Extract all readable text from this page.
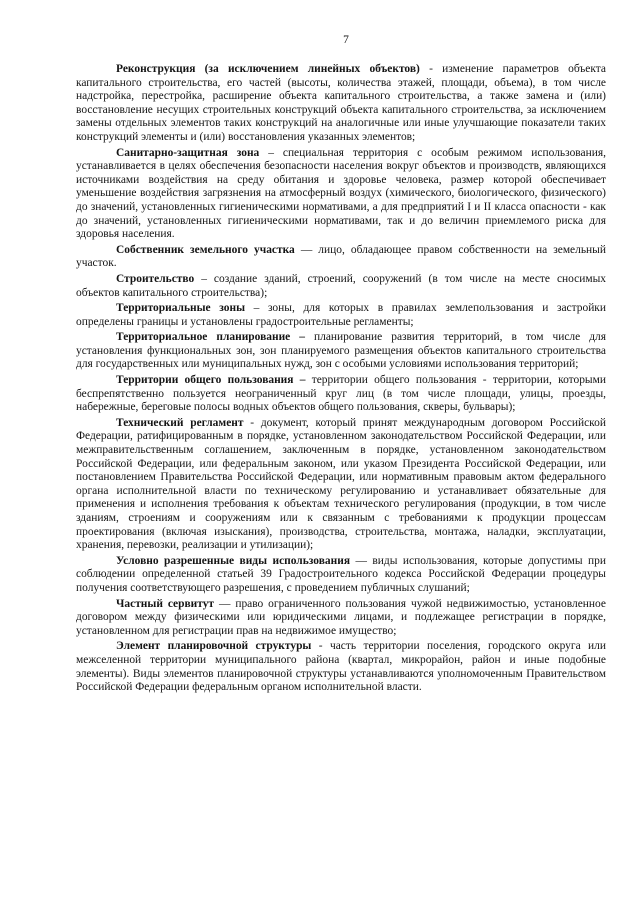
7

Реконструкция (за исключением линейных объектов) - изменение параметров объекта капитального строительства, его частей (высоты, количества этажей, площади, объема), в том числе надстройка, перестройка, расширение объекта капитального строительства, а также замена и (или) восстановление несущих строительных конструкций объекта капитального строительства, за исключением замены отдельных элементов таких конструкций на аналогичные или иные улучшающие показатели таких конструкций элементы и (или) восстановления указанных элементов;

Санитарно-защитная зона – специальная территория с особым режимом использования, устанавливается в целях обеспечения безопасности населения вокруг объектов и производств, являющихся источниками воздействия на среду обитания и здоровье человека, размер которой обеспечивает уменьшение воздействия загрязнения на атмосферный воздух (химического, биологического, физического) до значений, установленных гигиеническими нормативами, а для предприятий I и II класса опасности - как до значений, установленных гигиеническими нормативами, так и до величин приемлемого риска для здоровья населения.

Собственник земельного участка — лицо, обладающее правом собственности на земельный участок.

Строительство – создание зданий, строений, сооружений (в том числе на месте сносимых объектов капитального строительства);

Территориальные зоны – зоны, для которых в правилах землепользования и застройки определены границы и установлены градостроительные регламенты;

Территориальное планирование – планирование развития территорий, в том числе для установления функциональных зон, зон планируемого размещения объектов капитального строительства для государственных или муниципальных нужд, зон с особыми условиями использования территорий;

Территории общего пользования – территории общего пользования - территории, которыми беспрепятственно пользуется неограниченный круг лиц (в том числе площади, улицы, проезды, набережные, береговые полосы водных объектов общего пользования, скверы, бульвары);

Технический регламент - документ, который принят международным договором Российской Федерации, ратифицированным в порядке, установленном законодательством Российской Федерации, или межправительственным соглашением, заключенным в порядке, установленном законодательством Российской Федерации, или федеральным законом, или указом Президента Российской Федерации, или постановлением Правительства Российской Федерации, или нормативным правовым актом федерального органа исполнительной власти по техническому регулированию и устанавливает обязательные для применения и исполнения требования к объектам технического регулирования (продукции, в том числе зданиям, строениям и сооружениям или к связанным с требованиями к продукции процессам проектирования (включая изыскания), производства, строительства, монтажа, наладки, эксплуатации, хранения, перевозки, реализации и утилизации);

Условно разрешенные виды использования — виды использования, которые допустимы при соблюдении определенной статьей 39 Градостроительного кодекса Российской Федерации процедуры получения соответствующего разрешения, с проведением публичных слушаний;

Частный сервитут — право ограниченного пользования чужой недвижимостью, установленное договором между физическими или юридическими лицами, и подлежащее регистрации в порядке, установленном для регистрации прав на недвижимое имущество;

Элемент планировочной структуры - часть территории поселения, городского округа или межселенной территории муниципального района (квартал, микрорайон, район и иные подобные элементы). Виды элементов планировочной структуры устанавливаются уполномоченным Правительством Российской Федерации федеральным органом исполнительной власти.
